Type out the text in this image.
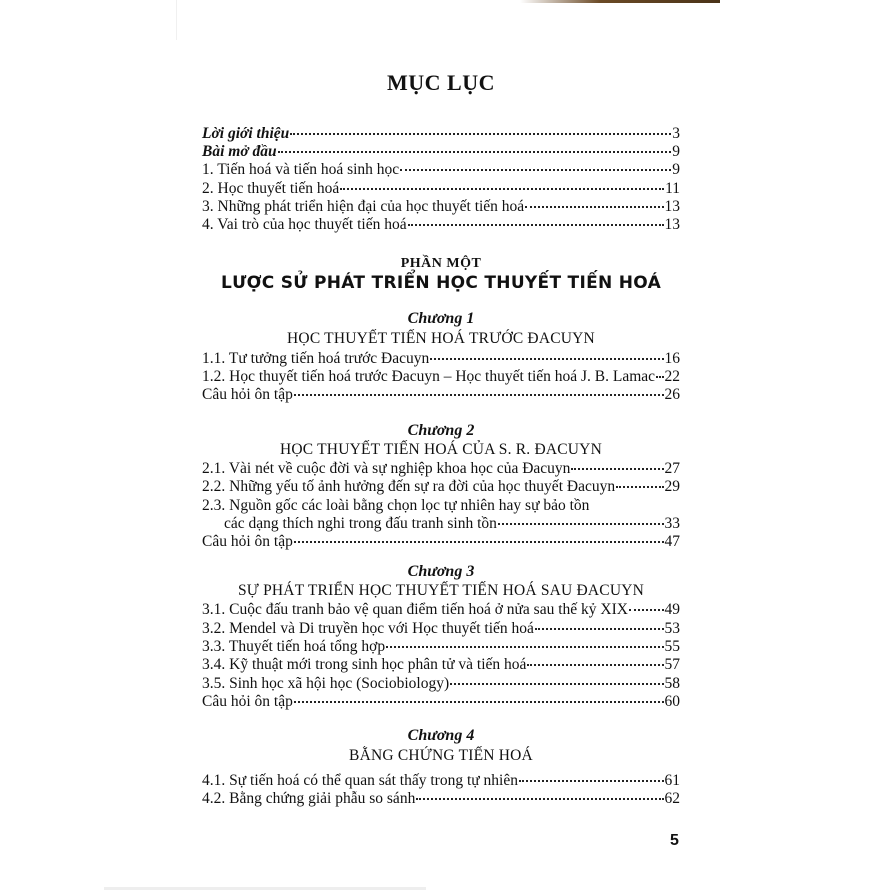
MỤC LỤC
Lời giới thiệu	3
Bài mở đầu	9
1. Tiến hoá và tiến hoá sinh học	9
2. Học thuyết tiến hoá	11
3. Những phát triển hiện đại của học thuyết tiến hoá	13
4. Vai trò của học thuyết tiến hoá	13
PHẦN MỘT
LƯỢC SỬ PHÁT TRIỂN HỌC THUYẾT TIẾN HOÁ
Chương 1
HỌC THUYẾT TIẾN HOÁ TRƯỚC ĐACUYN
1.1. Tư tưởng tiến hoá trước Đacuyn	16
1.2. Học thuyết tiến hoá trước Đacuyn – Học thuyết tiến hoá J. B. Lamac 22
Câu hỏi ôn tập	26
Chương 2
HỌC THUYẾT TIẾN HOÁ CỦA S. R. ĐACUYN
2.1. Vài nét về cuộc đời và sự nghiệp khoa học của Đacuyn	27
2.2. Những yếu tố ảnh hưởng đến sự ra đời của học thuyết Đacuyn	29
2.3. Nguồn gốc các loài bằng chọn lọc tự nhiên hay sự bảo tồn
các dạng thích nghi trong đấu tranh sinh tồn	33
Câu hỏi ôn tập	47
Chương 3
SỰ PHÁT TRIỂN HỌC THUYẾT TIẾN HOÁ SAU ĐACUYN
3.1. Cuộc đấu tranh bảo vệ quan điểm tiến hoá ở nửa sau thế kỷ XIX 49
3.2. Mendel và Di truyền học với Học thuyết tiến hoá	53
3.3. Thuyết tiến hoá tổng hợp	55
3.4. Kỹ thuật mới trong sinh học phân tử và tiến hoá	57
3.5. Sinh học xã hội học (Sociobiology)	58
Câu hỏi ôn tập	60
Chương 4
BẰNG CHỨNG TIẾN HOÁ
4.1. Sự tiến hoá có thể quan sát thấy trong tự nhiên	61
4.2. Bằng chứng giải phẫu so sánh	62
5
